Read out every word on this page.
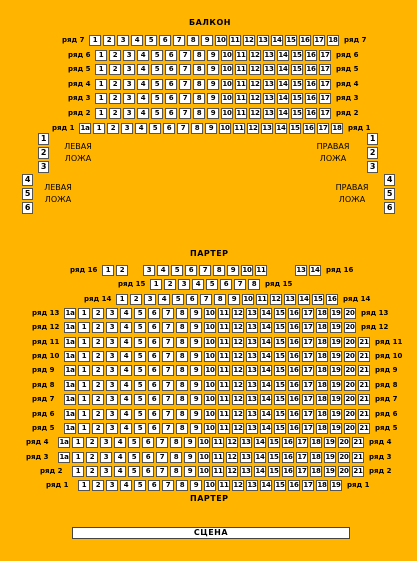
БАЛКОН
1	2	3	4	5	6	7	8	9	10 11 12 13 14 15 16 17 18
ряд 7	ряд 7
1	2	3	4	5	6	7	8	9	10 11 12 13 14 15 16 17
ряд 6	ряд 6
1	2	3	4	5	6	7	8	9	10 11 12 13 14 15 16 17
ряд 5	ряд 5
1	2	3	4	5	6	7	8	9	10 11 12 13 14 15 16 17
ряд 4	ряд 4
1	2	3	4	5	6	7	8	9	10 11 12 13 14 15 16 17
ряд 3	ряд 3
1	2	3	4	5	6	7	8	9	10 11 12 13 14 15 16 17
ряд 2	ряд 2
1а	1	2	3	4	5	6	7	8	9	10 11 12 13 14 15 16 17 18
ряд 1	ряд 1
ЛЕВАЯ
ЛОЖА
ПРАВАЯ
ЛОЖА
ЛЕВАЯ
ЛОЖА
ПРАВАЯ
ЛОЖА
1
2
3
1
2
3
4
5
6
4
5
6
ПАРТЕР
1	2	3	4	5	6	7	8	9	10 11	13 14
ряд 16	ряд 16
1	2	3	4	5	6	7	8
ряд 15	ряд 15
1	2	3	4	5	6	7	8	9	10 11 12 13 14 15 16
ряд 14	ряд 14
1а	1	2	3	4	5	6	7	8	9	10 11 12 13 14 15 16 17 18 19 20
ряд 13	ряд 13
1а	1	2	3	4	5	6	7	8	9	10 11 12 13 14 15 16 17 18 19 20
ряд 12	ряд 12
1а	1	2	3	4	5	6	7	8	9	10 11 12 13 14 15 16 17 18 19 20 21
ряд 11	ряд 11
1а	1	2	3	4	5	6	7	8	9	10 11 12 13 14 15 16 17 18 19 20 21
ряд 10	ряд 10
1а	1	2	3	4	5	6	7	8	9	10 11 12 13 14 15 16 17 18 19 20 21
ряд 9	ряд 9
1а	1	2	3	4	5	6	7	8	9	10 11 12 13 14 15 16 17 18 19 20 21
ряд 8	ряд 8
1а	1	2	3	4	5	6	7	8	9	10 11 12 13 14 15 16 17 18 19 20 21
ряд 7	ряд 7
1а	1	2	3	4	5	6	7	8	9	10 11 12 13 14 15 16 17 18 19 20 21
ряд 6	ряд 6
1а	1	2	3	4	5	6	7	8	9	10 11 12 13 14 15 16 17 18 19 20 21
ряд 5	ряд 5
1а	1	2	3	4	5	6	7	8	9	10 11 12 13 14 15 16 17 18 19 20 21
ряд 4	ряд 4
1а	1	2	3	4	5	6	7	8	9	10 11 12 13 14 15 16 17 18 19 20 21
ряд 3	ряд 3
1	2	3	4	5	6	7	8	9	10 11 12 13 14 15 16 17 18 19 20 21
ряд 2	ряд 2
1	2	3	4	5	6	7	8	9	10 11 12 13 14 15 16 17 18 19
ряд 1	ряд 1
ПАРТЕР
СЦЕНА
